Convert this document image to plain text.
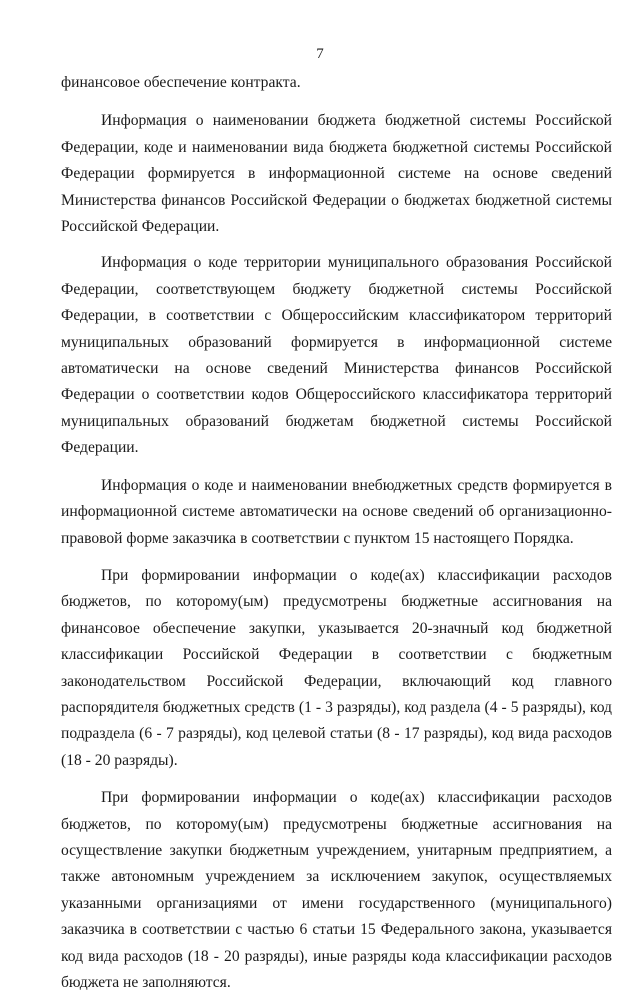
7

финансовое обеспечение контракта.

Информация о наименовании бюджета бюджетной системы Российской Федерации, коде и наименовании вида бюджета бюджетной системы Российской Федерации формируется в информационной системе на основе сведений Министерства финансов Российской Федерации о бюджетах бюджетной системы Российской Федерации.

Информация о коде территории муниципального образования Российской Федерации, соответствующем бюджету бюджетной системы Российской Федерации, в соответствии с Общероссийским классификатором территорий муниципальных образований формируется в информационной системе автоматически на основе сведений Министерства финансов Российской Федерации о соответствии кодов Общероссийского классификатора территорий муниципальных образований бюджетам бюджетной системы Российской Федерации.

Информация о коде и наименовании внебюджетных средств формируется в информационной системе автоматически на основе сведений об организационно-правовой форме заказчика в соответствии с пунктом 15 настоящего Порядка.

При формировании информации о коде(ах) классификации расходов бюджетов, по которому(ым) предусмотрены бюджетные ассигнования на финансовое обеспечение закупки, указывается 20-значный код бюджетной классификации Российской Федерации в соответствии с бюджетным законодательством Российской Федерации, включающий код главного распорядителя бюджетных средств (1 - 3 разряды), код раздела (4 - 5 разряды), код подраздела (6 - 7 разряды), код целевой статьи (8 - 17 разряды), код вида расходов (18 - 20 разряды).

При формировании информации о коде(ах) классификации расходов бюджетов, по которому(ым) предусмотрены бюджетные ассигнования на осуществление закупки бюджетным учреждением, унитарным предприятием, а также автономным учреждением за исключением закупок, осуществляемых указанными организациями от имени государственного (муниципального) заказчика в соответствии с частью 6 статьи 15 Федерального закона, указывается код вида расходов (18 - 20 разряды), иные разряды кода классификации расходов бюджета не заполняются.
